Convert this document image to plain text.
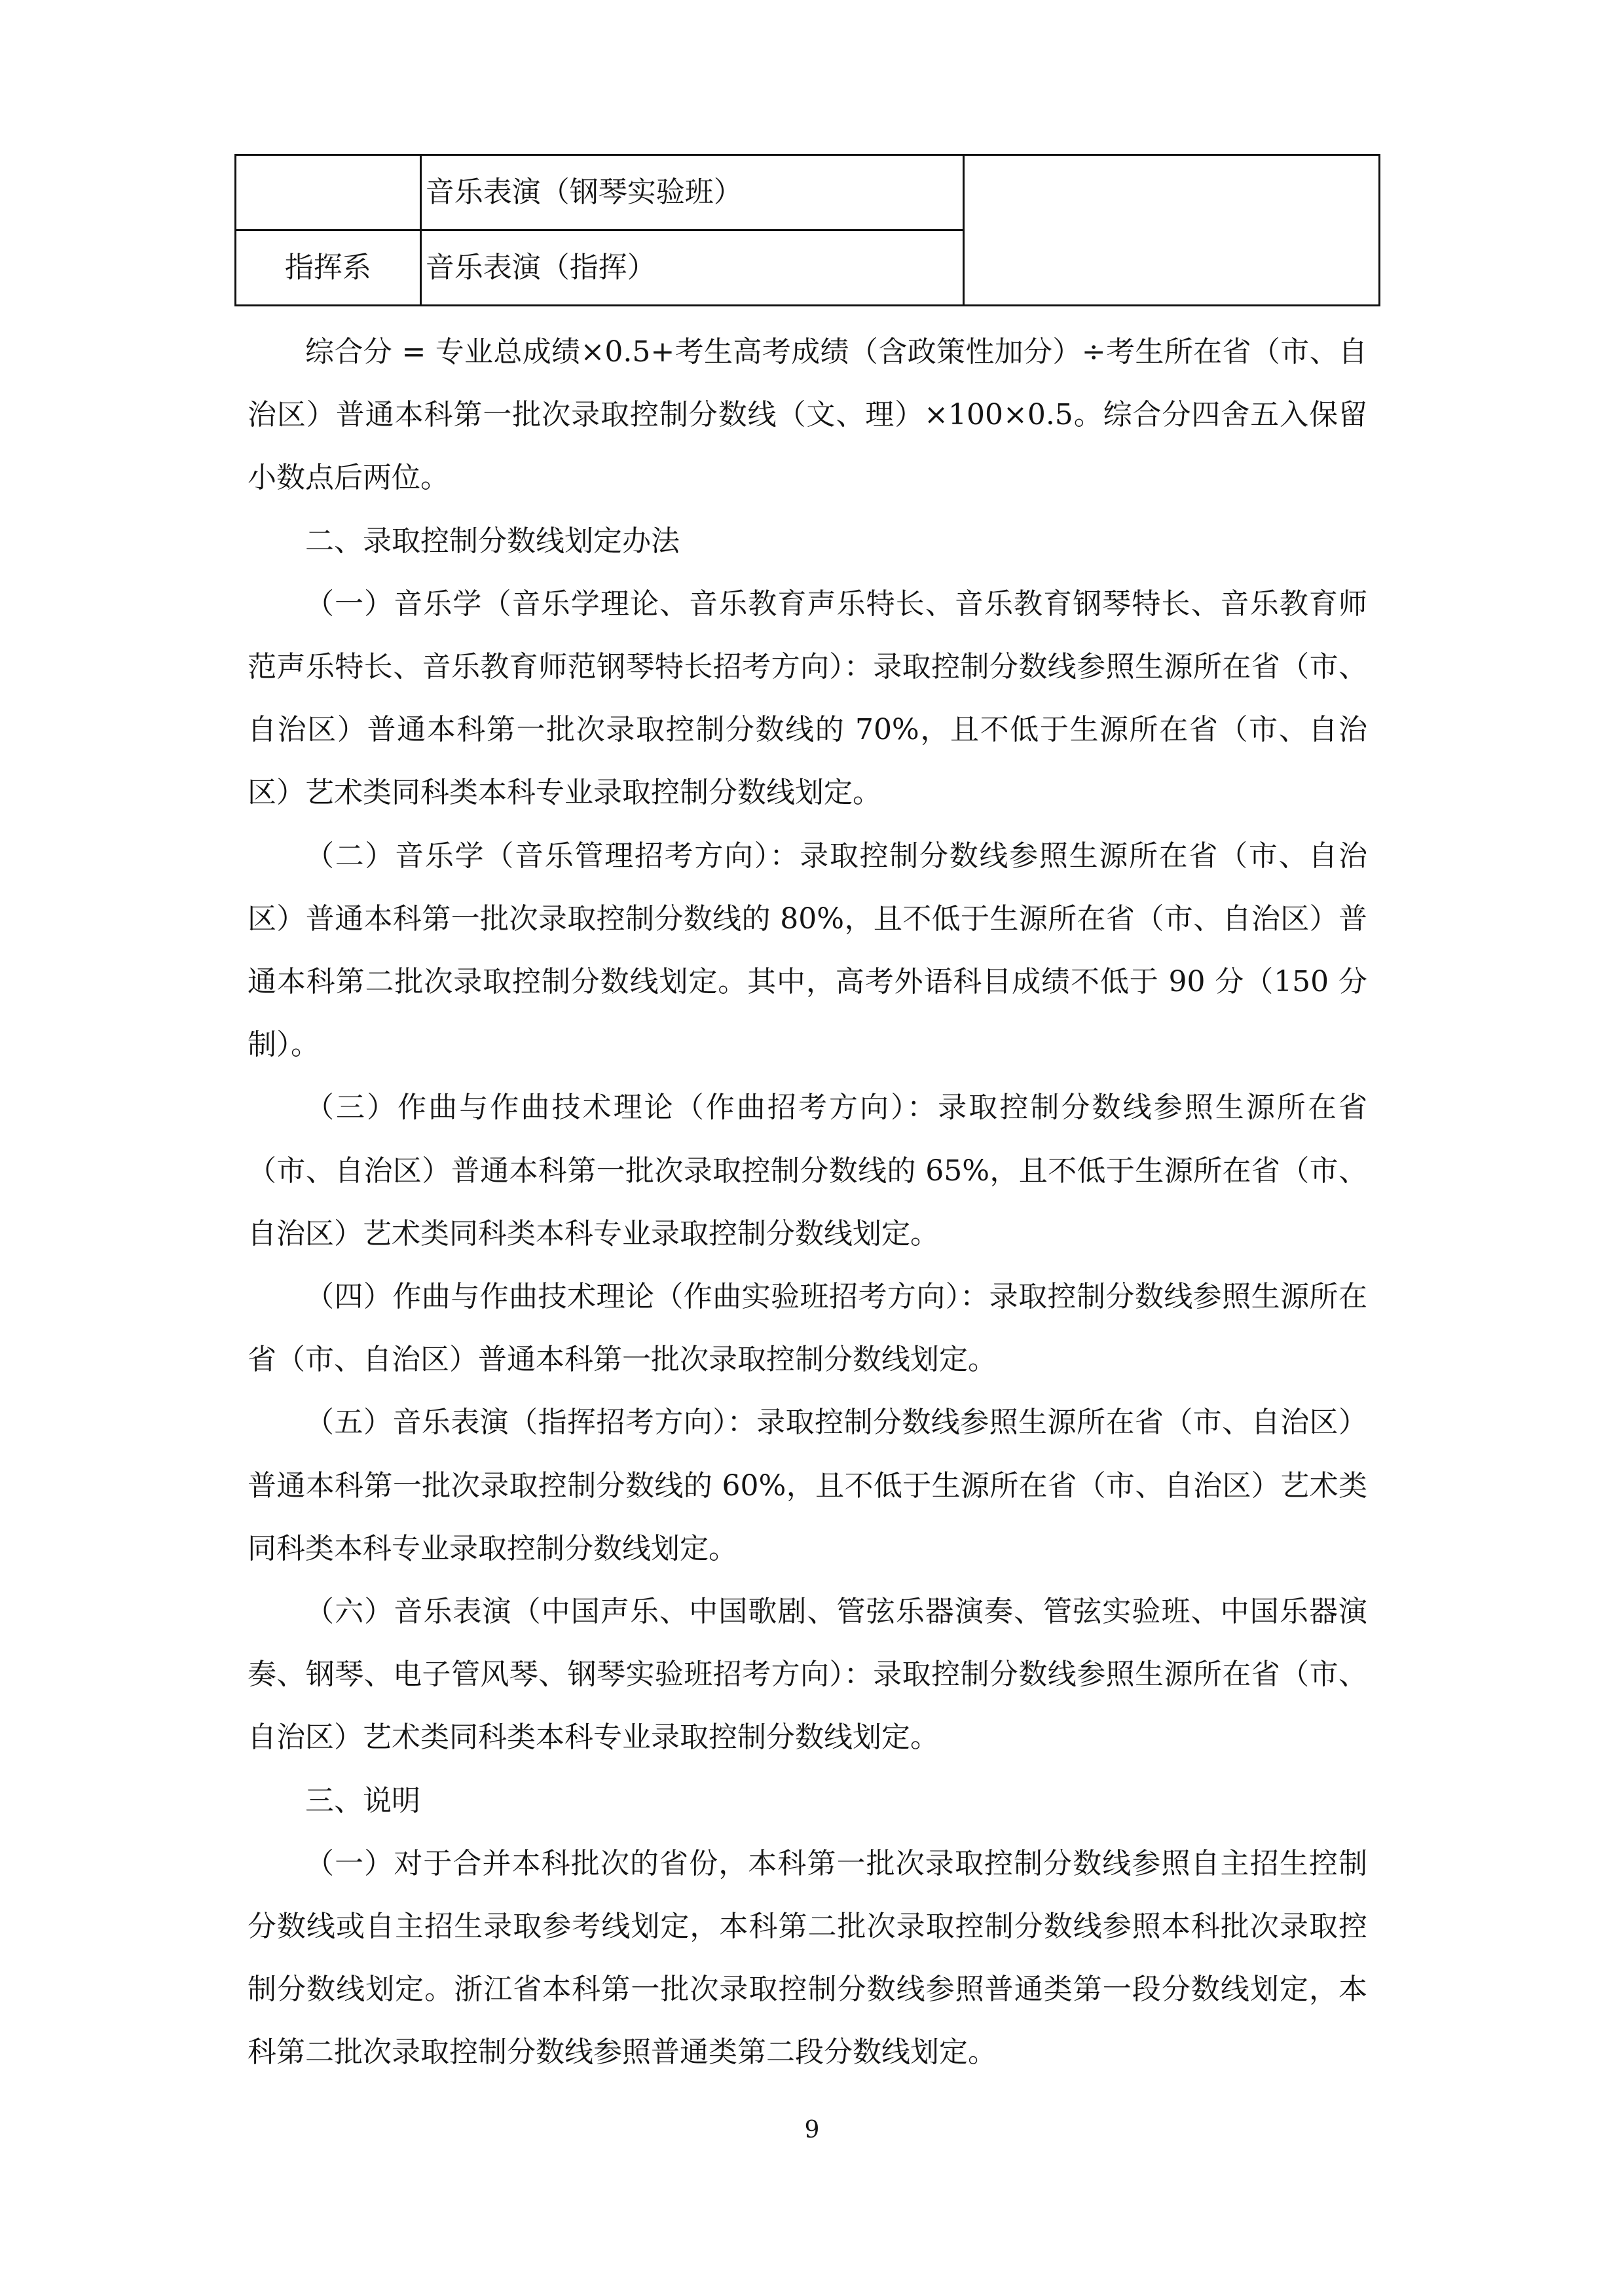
	音乐表演（钢琴实验班）	
指挥系	音乐表演（指挥）	

综合分 = 专业总成绩×0.5+考生高考成绩（含政策性加分）÷考生所在省（市、自治区）普通本科第一批次录取控制分数线（文、理）×100×0.5。综合分四舍五入保留小数点后两位。

二、录取控制分数线划定办法

（一）音乐学（音乐学理论、音乐教育声乐特长、音乐教育钢琴特长、音乐教育师范声乐特长、音乐教育师范钢琴特长招考方向）：录取控制分数线参照生源所在省（市、自治区）普通本科第一批次录取控制分数线的 70%，且不低于生源所在省（市、自治区）艺术类同科类本科专业录取控制分数线划定。

（二）音乐学（音乐管理招考方向）：录取控制分数线参照生源所在省（市、自治区）普通本科第一批次录取控制分数线的 80%，且不低于生源所在省（市、自治区）普通本科第二批次录取控制分数线划定。其中，高考外语科目成绩不低于 90 分（150 分制）。

（三）作曲与作曲技术理论（作曲招考方向）：录取控制分数线参照生源所在省（市、自治区）普通本科第一批次录取控制分数线的 65%，且不低于生源所在省（市、自治区）艺术类同科类本科专业录取控制分数线划定。

（四）作曲与作曲技术理论（作曲实验班招考方向）：录取控制分数线参照生源所在省（市、自治区）普通本科第一批次录取控制分数线划定。

（五）音乐表演（指挥招考方向）：录取控制分数线参照生源所在省（市、自治区）普通本科第一批次录取控制分数线的 60%，且不低于生源所在省（市、自治区）艺术类同科类本科专业录取控制分数线划定。

（六）音乐表演（中国声乐、中国歌剧、管弦乐器演奏、管弦实验班、中国乐器演奏、钢琴、电子管风琴、钢琴实验班招考方向）：录取控制分数线参照生源所在省（市、自治区）艺术类同科类本科专业录取控制分数线划定。

三、说明

（一）对于合并本科批次的省份，本科第一批次录取控制分数线参照自主招生控制分数线或自主招生录取参考线划定，本科第二批次录取控制分数线参照本科批次录取控制分数线划定。浙江省本科第一批次录取控制分数线参照普通类第一段分数线划定，本科第二批次录取控制分数线参照普通类第二段分数线划定。

9
